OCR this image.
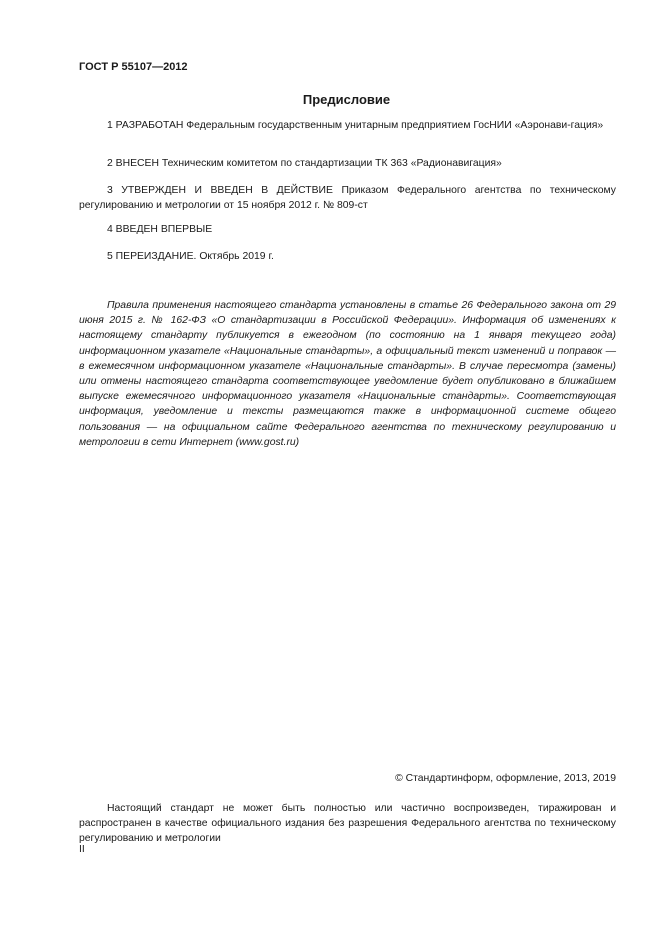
ГОСТ Р 55107—2012
Предисловие
1 РАЗРАБОТАН Федеральным государственным унитарным предприятием ГосНИИ «Аэронави-гация»
2 ВНЕСЕН Техническим комитетом по стандартизации ТК 363 «Радионавигация»
3 УТВЕРЖДЕН И ВВЕДЕН В ДЕЙСТВИЕ Приказом Федерального агентства по техническому регулированию и метрологии от 15 ноября 2012 г. № 809-ст
4 ВВЕДЕН ВПЕРВЫЕ
5 ПЕРЕИЗДАНИЕ. Октябрь 2019 г.
Правила применения настоящего стандарта установлены в статье 26 Федерального закона от 29 июня 2015 г. № 162-ФЗ «О стандартизации в Российской Федерации». Информация об изменениях к настоящему стандарту публикуется в ежегодном (по состоянию на 1 января текущего года) информационном указателе «Национальные стандарты», а официальный текст изменений и поправок — в ежемесячном информационном указателе «Национальные стандарты». В случае пересмотра (замены) или отмены настоящего стандарта соответствующее уведомление будет опубликовано в ближайшем выпуске ежемесячного информационного указателя «Национальные стандарты». Соответствующая информация, уведомление и тексты размещаются также в информационной системе общего пользования — на официальном сайте Федерального агентства по техническому регулированию и метрологии в сети Интернет (www.gost.ru)
© Стандартинформ, оформление, 2013, 2019
Настоящий стандарт не может быть полностью или частично воспроизведен, тиражирован и распространен в качестве официального издания без разрешения Федерального агентства по техническому регулированию и метрологии
II
